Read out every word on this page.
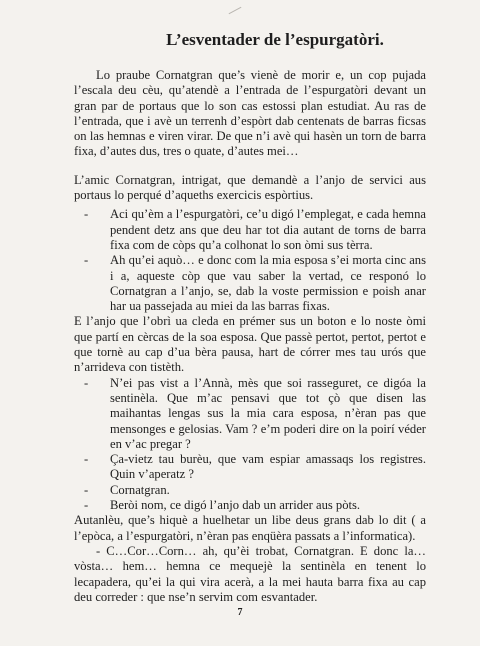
L’esventader de l’espurgatòri.

Lo praube Cornatgran que’s vienè de morir e, un cop pujada l’escala deu cèu, qu’atendè a l’entrada de l’espurgatòri devant un gran par de portaus que lo son cas estossi plan estudiat. Au ras de l’entrada, que i avè un terrenh d’espòrt dab centenats de barras ficsas on las hemnas e viren virar. De que n’i avè qui hasèn un torn de barra fixa, d’autes dus, tres o quate, d’autes mei…

L’amic Cornatgran, intrigat, que demandè a l’anjo de servici aus portaus lo perqué d’aqueths exercicis espòrtius.

- Aci qu’èm a l’espurgatòri, ce’u digó l’emplegat, e cada hemna pendent detz ans que deu har tot dia autant de torns de barra fixa com de còps qu’a colhonat lo son òmi sus tèrra.
- Ah qu’ei aquò… e donc com la mia esposa s’ei morta cinc ans i a, aqueste còp que vau saber la vertad, ce responó lo Cornatgran a l’anjo, se, dab la voste permission e poish anar har ua passejada au miei da las barras fixas.

E l’anjo que l’obrì ua cleda en prémer sus un boton e lo noste òmi que partí en cèrcas de la soa esposa. Que passè pertot, pertot, pertot e que tornè au cap d’ua bèra pausa, hart de córrer mes tau urós que n’arrideva con tistèth.

- N’ei pas vist a l’Annà, mès que soi rasseguret, ce digóa la sentinèla. Que m’ac pensavi que tot çò que disen las maihantas lengas sus la mia cara esposa, n’èran pas que mensonges e gelosias. Vam ? e’m poderi dire on la poirí véder en v’ac pregar ?
- Ça-vietz tau burèu, que vam espiar amassaqs los registres. Quin v’aperatz ?
- Cornatgran.
- Beròi nom, ce digó l’anjo dab un arrider aus pòts.

Autanlèu, que’s hiquè a huelhetar un libe deus grans dab lo dit ( a l’epòca, a l’espurgatòri, n’èran pas enqüèra passats a l’informatica).

- C…Cor…Corn… ah, qu’èi trobat, Cornatgran. E donc la… vòsta… hem… hemna ce mequejè la sentinèla en tenent lo lecapadera, qu’ei la qui vira acerà, a la mei hauta barra fixa au cap deu correder : que nse’n servim com esvantader.

7
